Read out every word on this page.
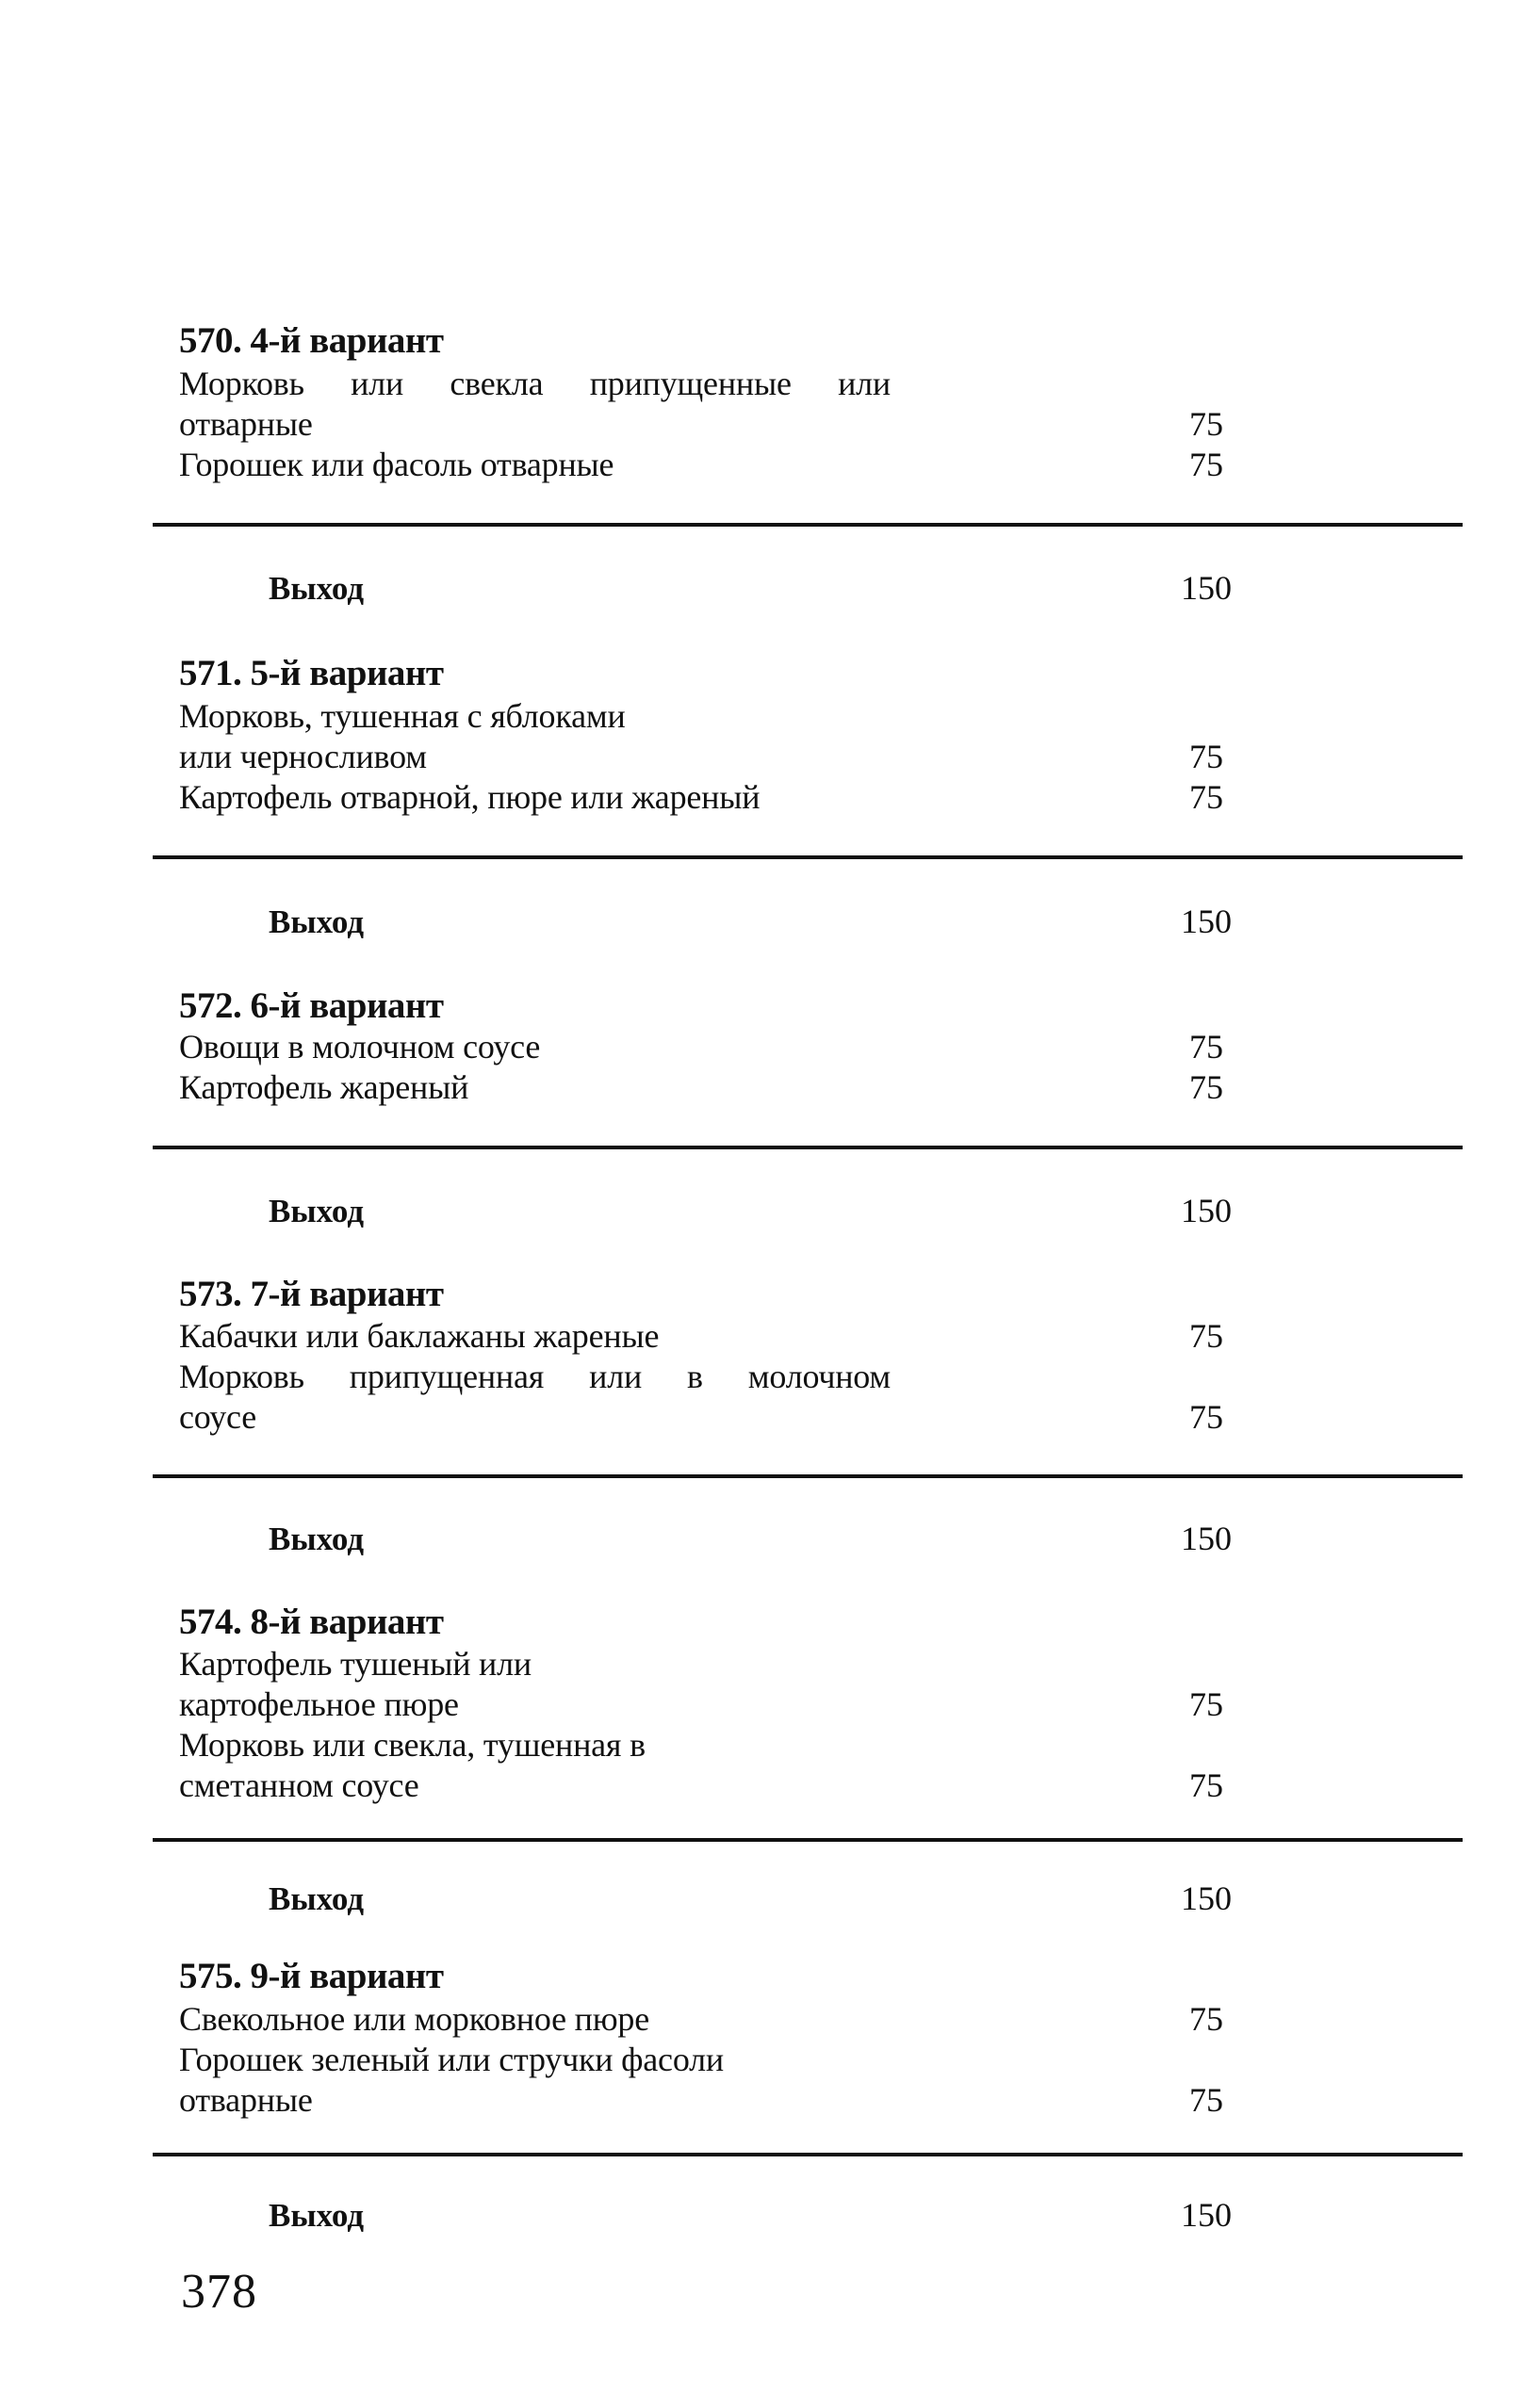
570. 4-й вариант
Морковь или свекла припущенные или
отварные	75
Горошек или фасоль отварные	75
Выход	150
571. 5-й вариант
Морковь, тушенная с яблоками
или черносливом	75
Картофель отварной, пюре или жареный	75
Выход	150
572. 6-й вариант
Овощи в молочном соусе	75
Картофель жареный	75
Выход	150
573. 7-й вариант
Кабачки или баклажаны жареные	75
Морковь припущенная или в молочном
соусе	75
Выход	150
574. 8-й вариант
Картофель тушеный или
картофельное пюре	75
Морковь или свекла, тушенная в
сметанном соусе	75
Выход	150
575. 9-й вариант
Свекольное или морковное пюре	75
Горошек зеленый или стручки фасоли
отварные	75
Выход	150
378
